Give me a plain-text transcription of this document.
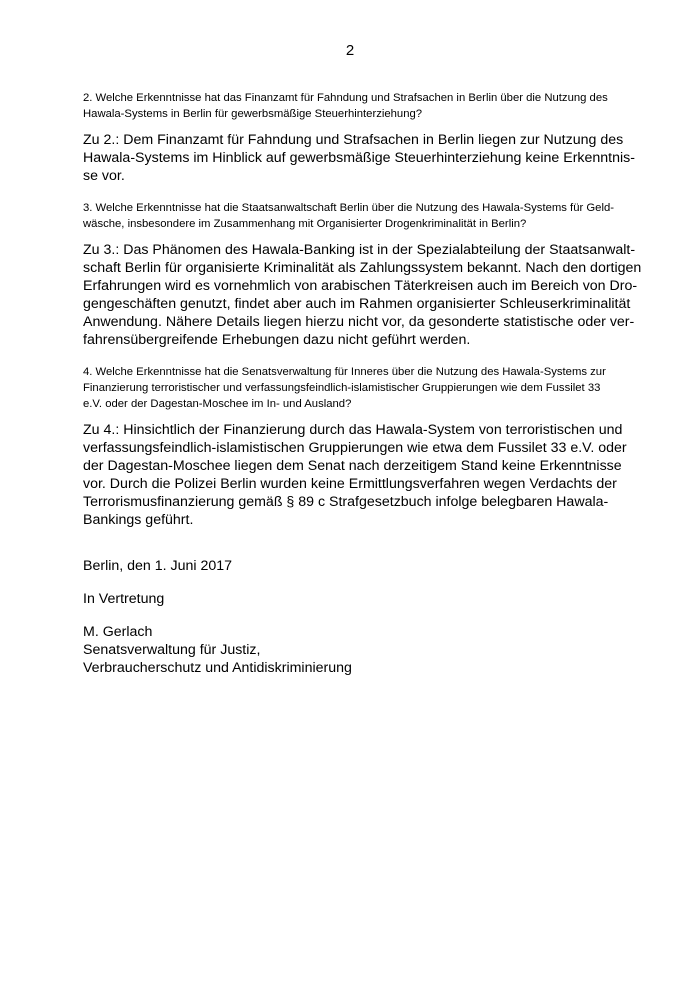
2
2. Welche Erkenntnisse hat das Finanzamt für Fahndung und Strafsachen in Berlin über die Nutzung des
Hawala-Systems in Berlin für gewerbsmäßige Steuerhinterziehung?
Zu 2.: Dem Finanzamt für Fahndung und Strafsachen in Berlin liegen zur Nutzung des
Hawala-Systems im Hinblick auf gewerbsmäßige Steuerhinterziehung keine Erkenntnis-
se vor.
3. Welche Erkenntnisse hat die Staatsanwaltschaft Berlin über die Nutzung des Hawala-Systems für Geld-
wäsche, insbesondere im Zusammenhang mit Organisierter Drogenkriminalität in Berlin?
Zu 3.: Das Phänomen des Hawala-Banking ist in der Spezialabteilung der Staatsanwalt-
schaft Berlin für organisierte Kriminalität als Zahlungssystem bekannt. Nach den dortigen
Erfahrungen wird es vornehmlich von arabischen Täterkreisen auch im Bereich von Dro-
gengeschäften genutzt, findet aber auch im Rahmen organisierter Schleuserkriminalität
Anwendung. Nähere Details liegen hierzu nicht vor, da gesonderte statistische oder ver-
fahrensübergreifende Erhebungen dazu nicht geführt werden.
4. Welche Erkenntnisse hat die Senatsverwaltung für Inneres über die Nutzung des Hawala-Systems zur
Finanzierung terroristischer und verfassungsfeindlich-islamistischer Gruppierungen wie dem Fussilet 33
e.V. oder der Dagestan-Moschee im In- und Ausland?
Zu 4.: Hinsichtlich der Finanzierung durch das Hawala-System von terroristischen und
verfassungsfeindlich-islamistischen Gruppierungen wie etwa dem Fussilet 33 e.V. oder
der Dagestan-Moschee liegen dem Senat nach derzeitigem Stand keine Erkenntnisse
vor. Durch die Polizei Berlin wurden keine Ermittlungsverfahren wegen Verdachts der
Terrorismusfinanzierung gemäß § 89 c Strafgesetzbuch infolge belegbaren Hawala-
Bankings geführt.
Berlin, den 1. Juni 2017
In Vertretung
M. Gerlach
Senatsverwaltung für Justiz,
Verbraucherschutz und Antidiskriminierung
